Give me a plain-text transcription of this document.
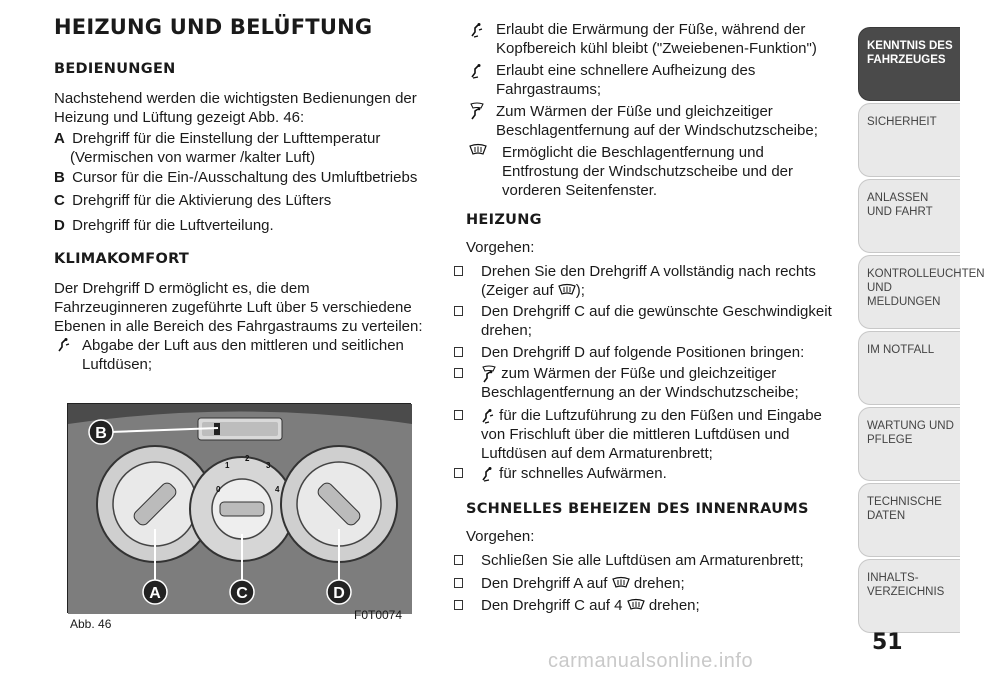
HEIZUNG UND BELÜFTUNG
BEDIENUNGEN
Nachstehend werden die wichtigsten Bedienungen der
Heizung und Lüftung gezeigt Abb. 46:
A Drehgriff für die Einstellung der Lufttemperatur
(Vermischen von warmer /kalter Luft)
B Cursor für die Ein-/Ausschaltung des Umluftbetriebs
C Drehgriff für die Aktivierung des Lüfters
D Drehgriff für die Luftverteilung.
KLIMAKOMFORT
Der Drehgriff D ermöglicht es, die dem
Fahrzeuginneren zugeführte Luft über 5 verschiedene
Ebenen in alle Bereich des Fahrgastraums zu verteilen:
Abgabe der Luft aus den mittleren und seitlichen
Luftdüsen;
B
A	C	D
0
1
2
3
4
Abb. 46
F0T0074
Erlaubt die Erwärmung der Füße, während der
Kopfbereich kühl bleibt ("Zweiebenen-Funktion")
Erlaubt eine schnellere Aufheizung des
Fahrgastraums;
Zum Wärmen der Füße und gleichzeitiger
Beschlagentfernung auf der Windschutzscheibe;
Ermöglicht die Beschlagentfernung und
Entfrostung der Windschutzscheibe und der
vorderen Seitenfenster.
HEIZUNG
Vorgehen:
Drehen Sie den Drehgriff A vollständig nach rechts
(Zeiger auf );
Den Drehgriff C auf die gewünschte Geschwindigkeit
drehen;
Den Drehgriff D auf folgende Positionen bringen:
zum Wärmen der Füße und gleichzeitiger
Beschlagentfernung an der Windschutzscheibe;
für die Luftzuführung zu den Füßen und Eingabe
von Frischluft über die mittleren Luftdüsen und
Luftdüsen auf dem Armaturenbrett;
für schnelles Aufwärmen.
SCHNELLES BEHEIZEN DES INNENRAUMS
Vorgehen:
Schließen Sie alle Luftdüsen am Armaturenbrett;
Den Drehgriff A auf drehen;
Den Drehgriff C auf 4 drehen;
KENNTNIS DES FAHRZEUGES
SICHERHEIT
ANLASSEN UND FAHRT
KONTROLLEUCHTEN UND MELDUNGEN
IM NOTFALL
WARTUNG UND PFLEGE
TECHNISCHE DATEN
INHALTS- VERZEICHNIS
51
carmanualsonline.info
